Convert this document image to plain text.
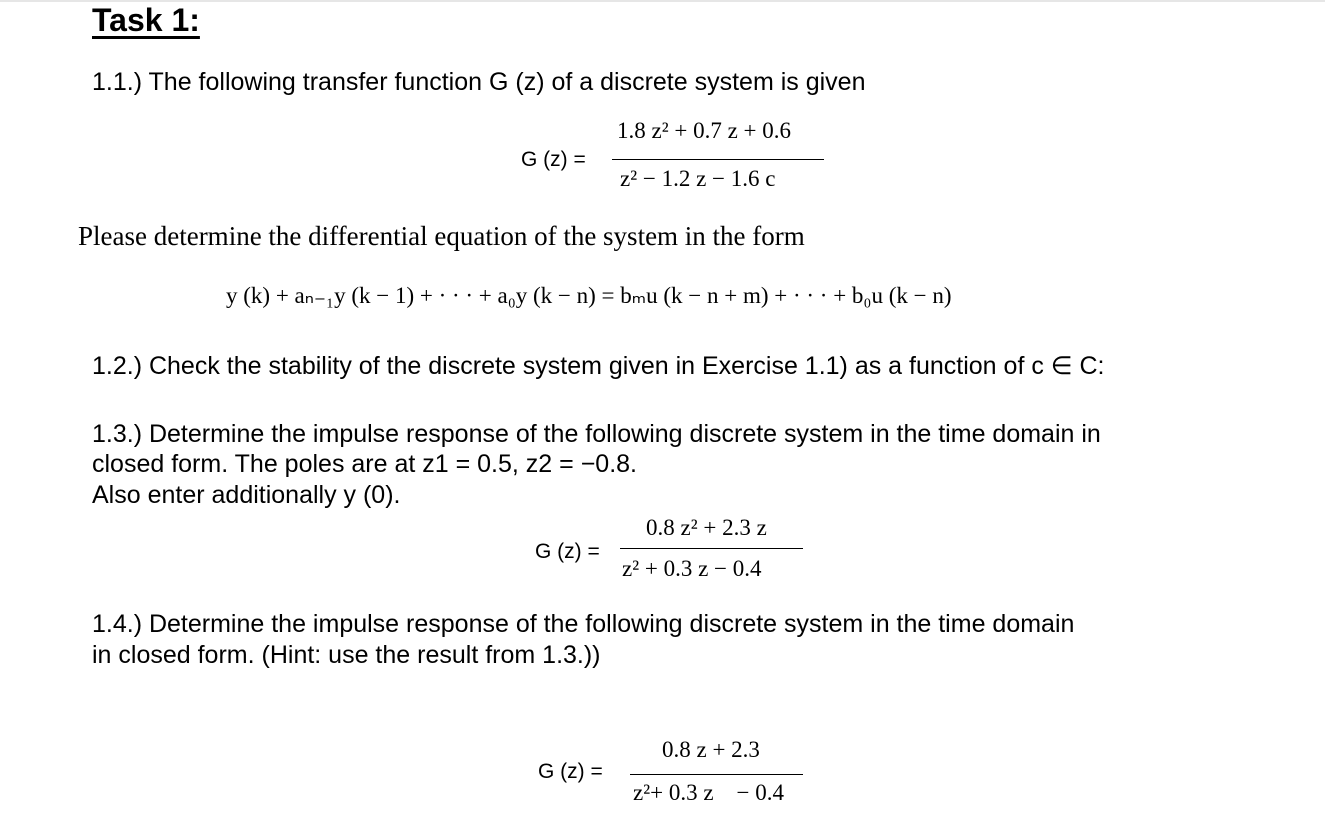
Task 1:
1.1.) The following transfer function G (z) of a discrete system is given
G (z) =
1.8 z² + 0.7 z + 0.6
z² − 1.2 z − 1.6 c
Please determine the differential equation of the system in the form
y (k) + aₙ₋₁y (k − 1) + · · · + a₀y (k − n) = bₘu (k − n + m) + · · · + b₀u (k − n)
1.2.) Check the stability of the discrete system given in Exercise 1.1) as a function of c ∈ C:
1.3.) Determine the impulse response of the following discrete system in the time domain in
closed form. The poles are at z1 = 0.5, z2 = −0.8.
Also enter additionally y (0).
G (z) =
0.8 z² + 2.3 z
z² + 0.3 z − 0.4
1.4.) Determine the impulse response of the following discrete system in the time domain
in closed form. (Hint: use the result from 1.3.))
G (z) =
0.8 z + 2.3
z²+ 0.3 z    − 0.4
